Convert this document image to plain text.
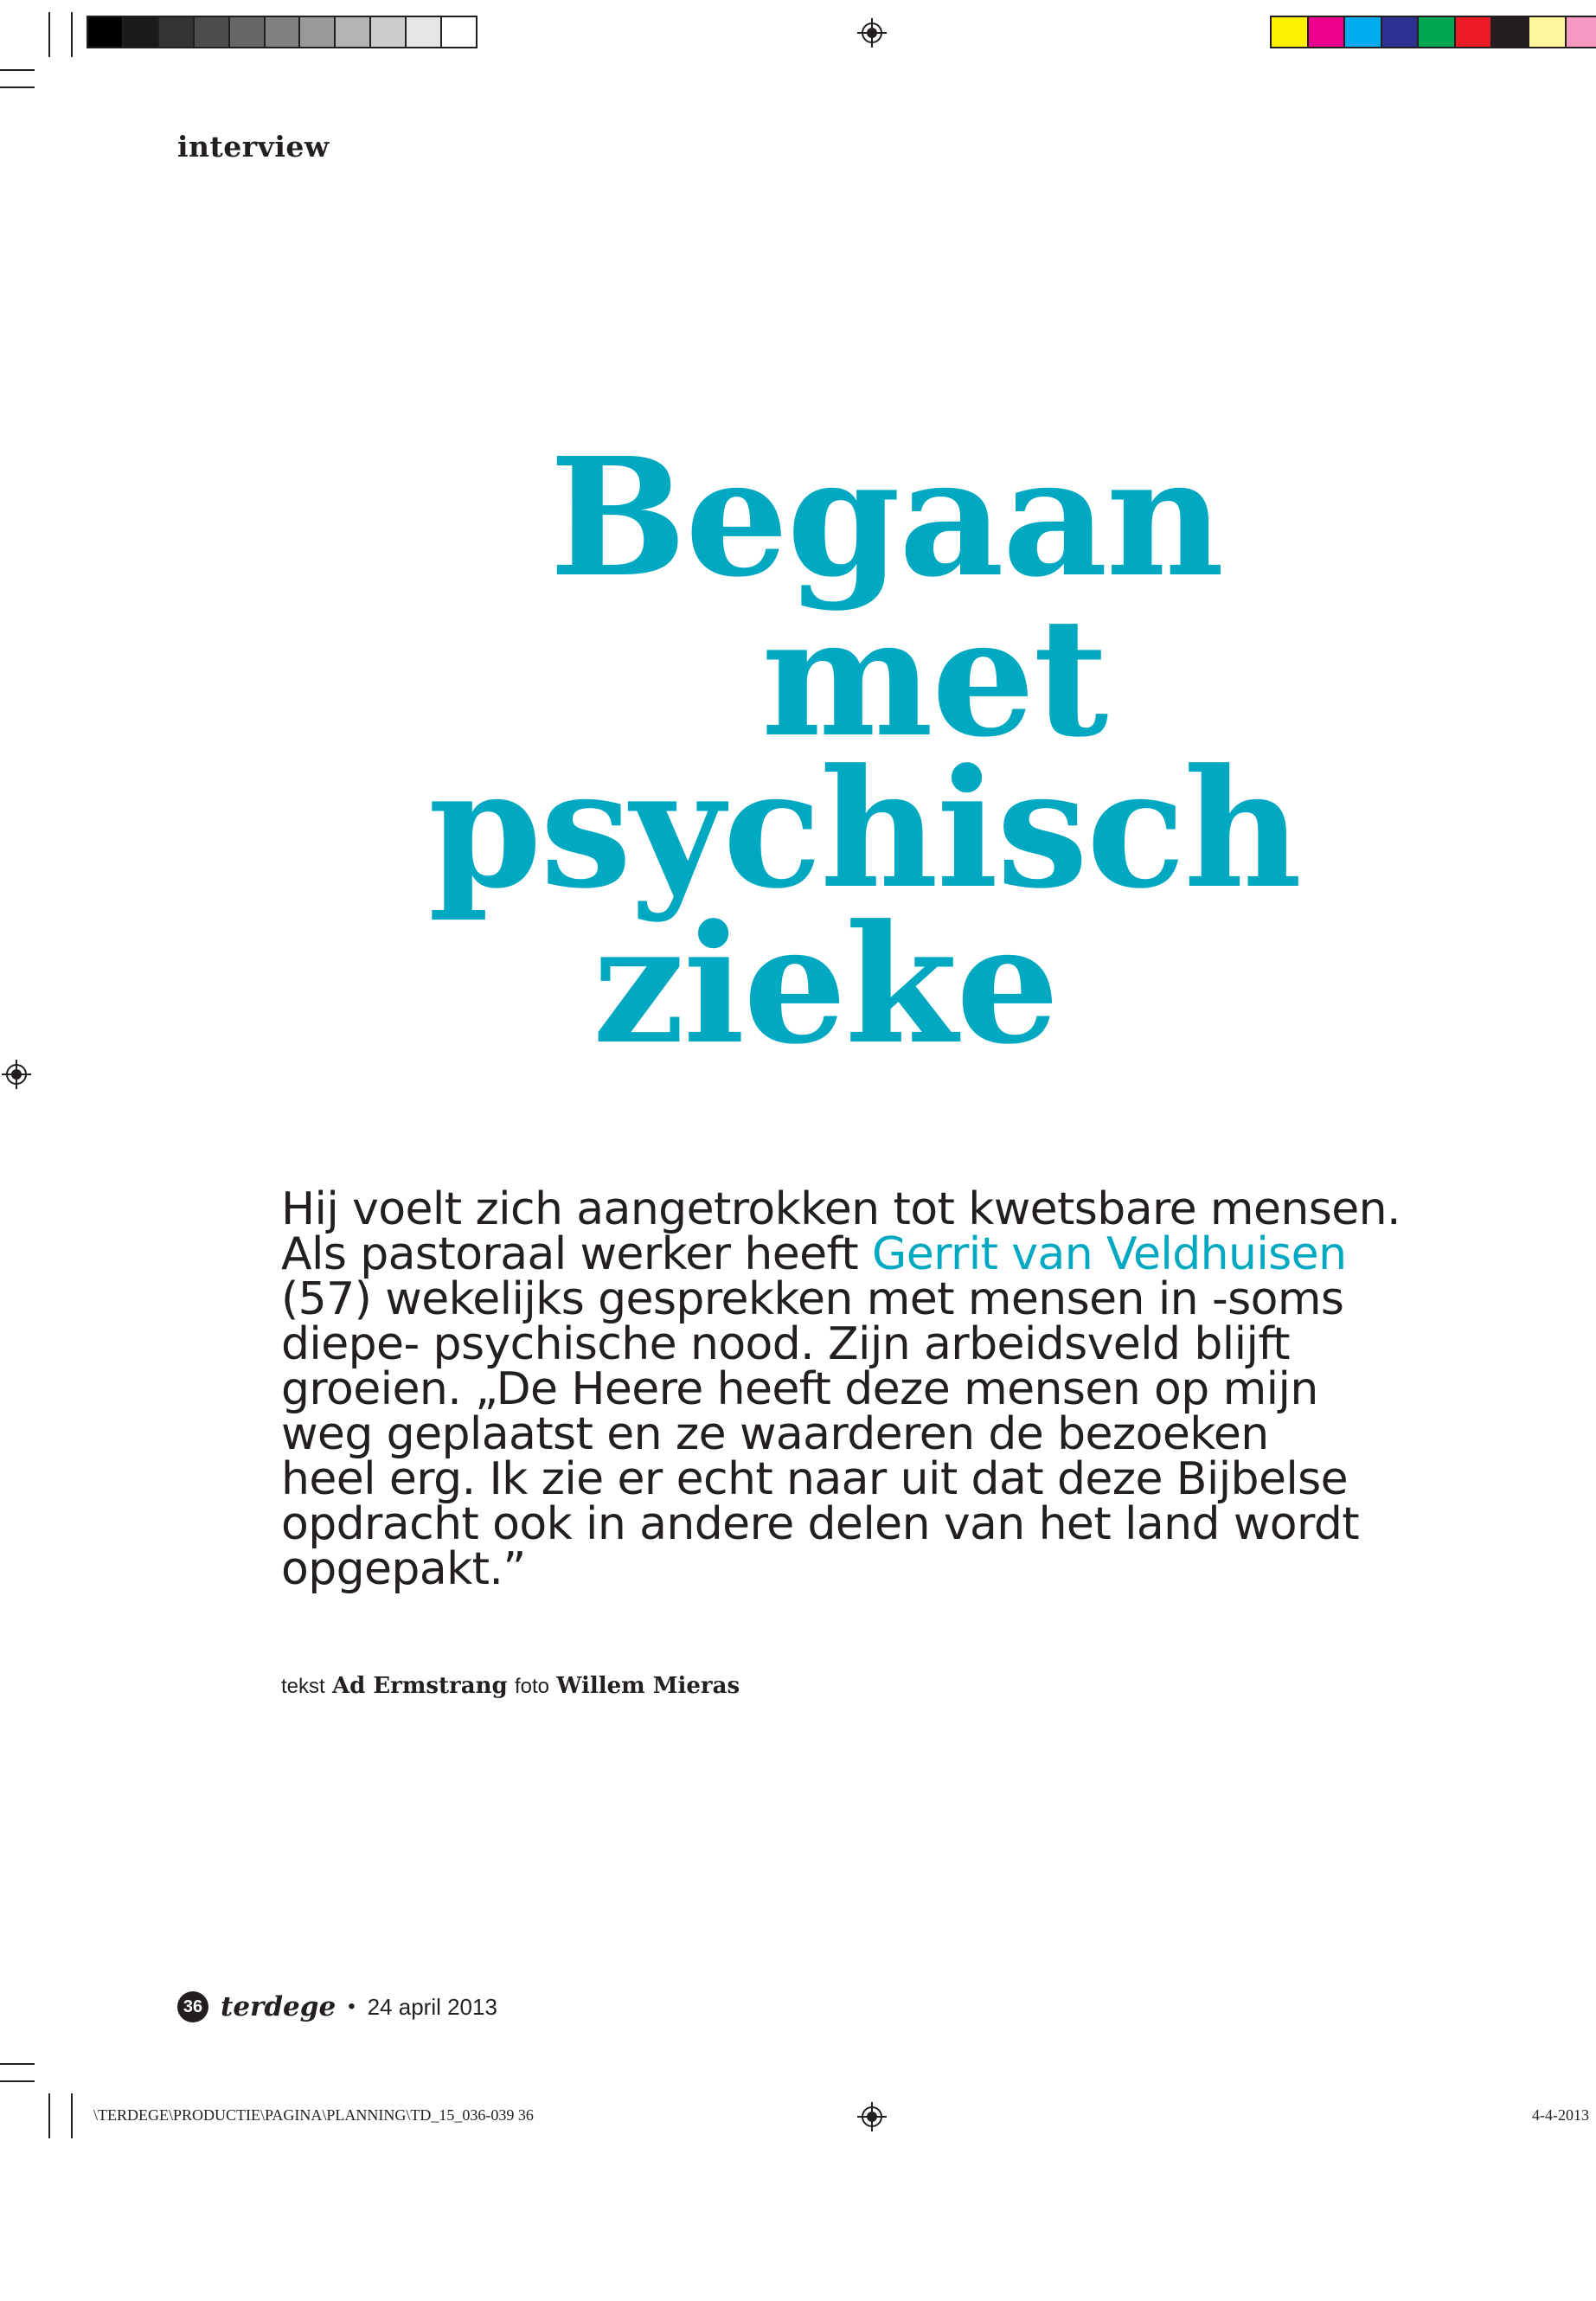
interview
Begaan
met
psychisch
zieke
Hij voelt zich aangetrokken tot kwetsbare mensen.
Als pastoraal werker heeft Gerrit van Veldhuisen
(57) wekelijks gesprekken met mensen in -soms
diepe- psychische nood. Zijn arbeidsveld blijft
groeien. „De Heere heeft deze mensen op mijn
weg geplaatst en ze waarderen de bezoeken
heel erg. Ik zie er echt naar uit dat deze Bijbelse
opdracht ook in andere delen van het land wordt
opgepakt.”
tekst Ad Ermstrang foto Willem Mieras
36 terdege • 24 april 2013
\TERDEGE\PRODUCTIE\PAGINA\PLANNING\TD_15_036-039 36	4-4-2013
